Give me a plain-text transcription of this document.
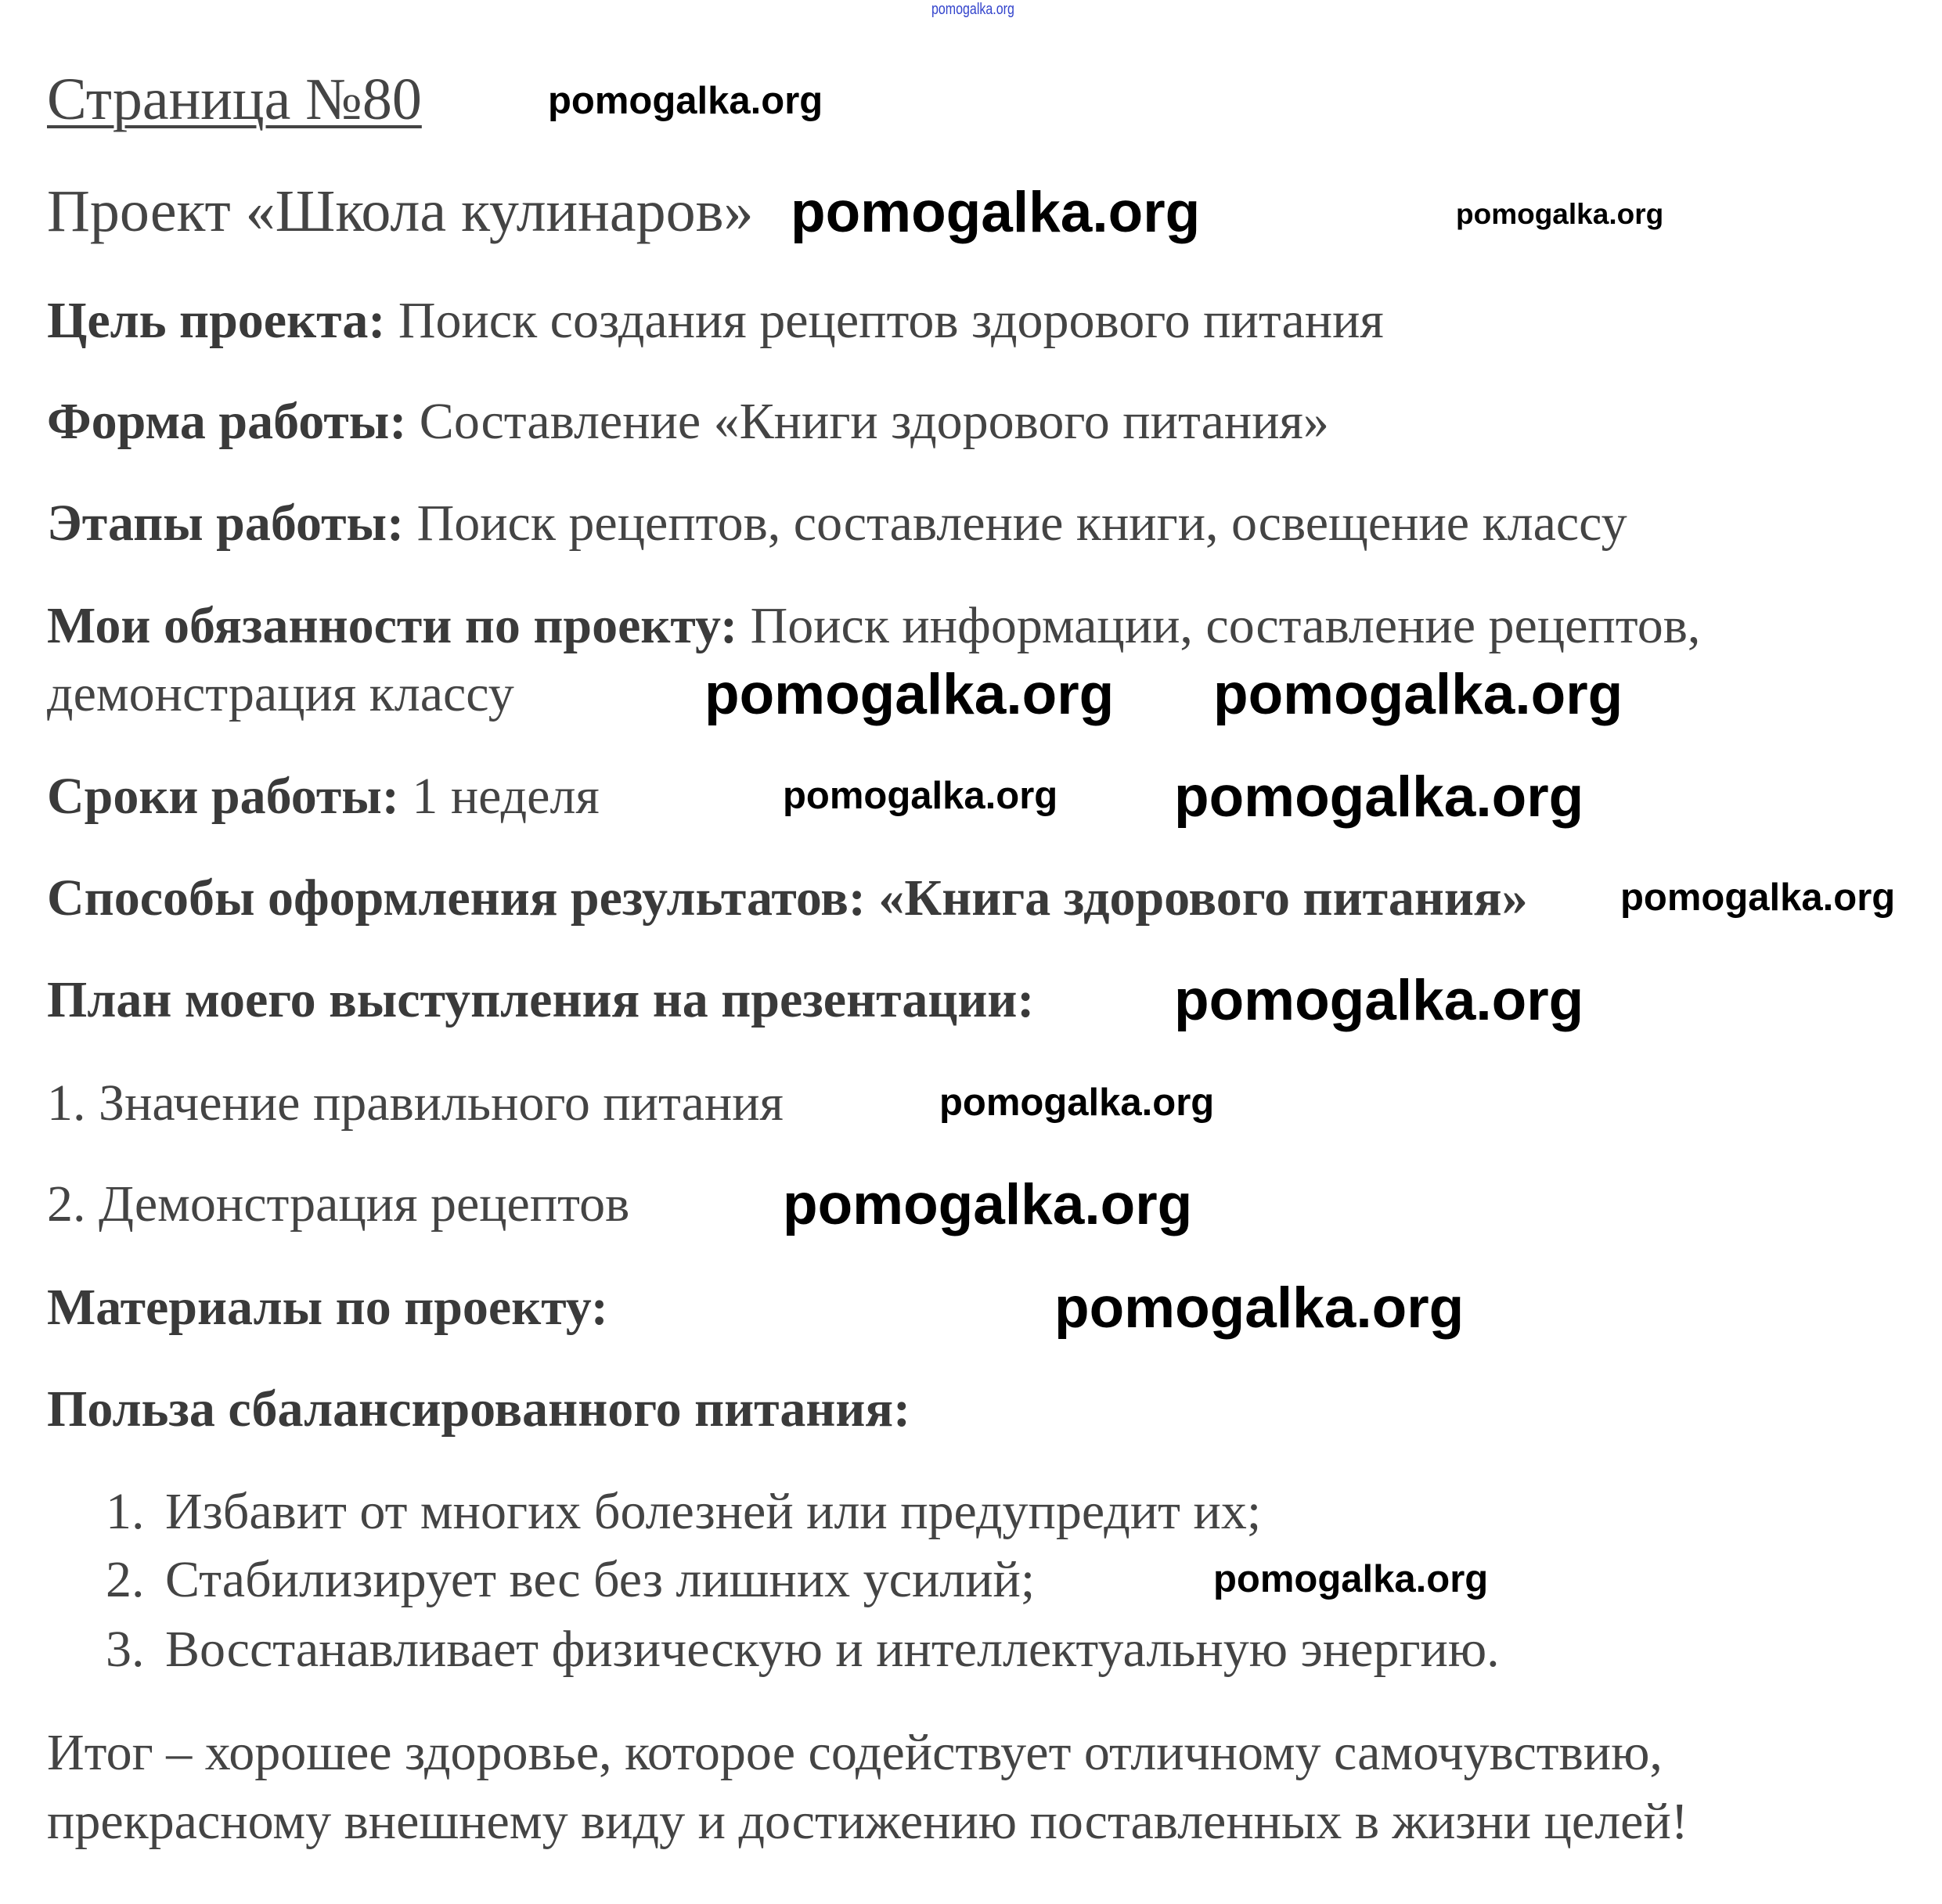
pomogalka.org
Страница №80
Проект «Школа кулинаров»
Цель проекта: Поиск создания рецептов здорового питания
Форма работы: Составление «Книги здорового питания»
Этапы работы: Поиск рецептов, составление книги, освещение классу
Мои обязанности по проекту: Поиск информации, составление рецептов,
демонстрация классу
Сроки работы: 1 неделя
Способы оформления результатов: «Книга здорового питания»
План моего выступления на презентации:
1. Значение правильного питания
2. Демонстрация рецептов
Материалы по проекту:
Польза сбалансированного питания:
1. Избавит от многих болезней или предупредит их;
2. Стабилизирует вес без лишних усилий;
3. Восстанавливает физическую и интеллектуальную энергию.
Итог – хорошее здоровье, которое содействует отличному самочувствию,
прекрасному внешнему виду и достижению поставленных в жизни целей!
pomogalka.org
pomogalka.org	pomogalka.org
pomogalka.org pomogalka.org
pomogalka.org pomogalka.org
pomogalka.org
pomogalka.org
pomogalka.org
pomogalka.org
pomogalka.org
pomogalka.org
